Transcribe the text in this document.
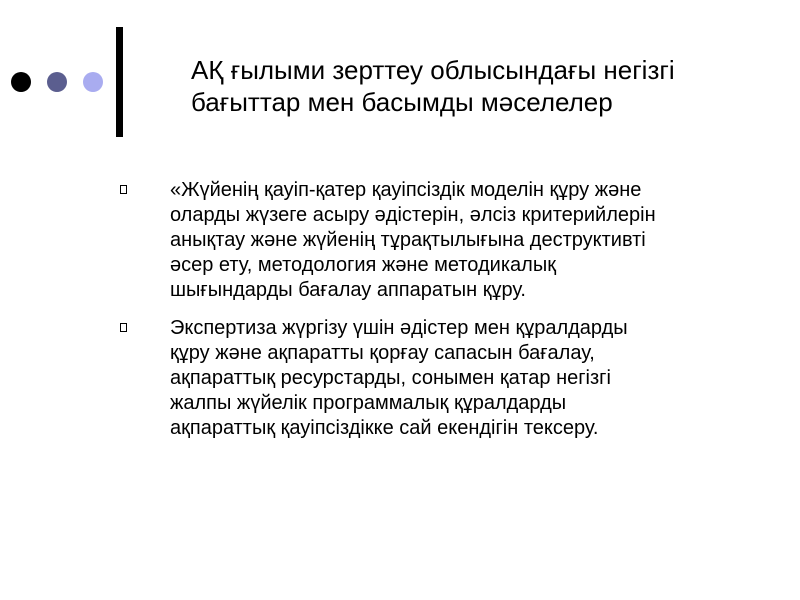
АҚ ғылыми зерттеу облысындағы негізгі
бағыттар мен басымды мәселелер
«Жүйенің қауіп-қатер қауіпсіздік моделін құру және
оларды жүзеге асыру әдістерін, әлсіз критерийлерін
анықтау және жүйенің тұрақтылығына деструктивті
әсер ету, методология және методикалық
шығындарды бағалау аппаратын құру.
Экспертиза жүргізу үшін әдістер мен құралдарды
құру және ақпаратты қорғау сапасын бағалау,
ақпараттық ресурстарды, сонымен қатар негізгі
жалпы жүйелік программалық құралдарды
ақпараттық қауіпсіздікке сай екендігін тексеру.
